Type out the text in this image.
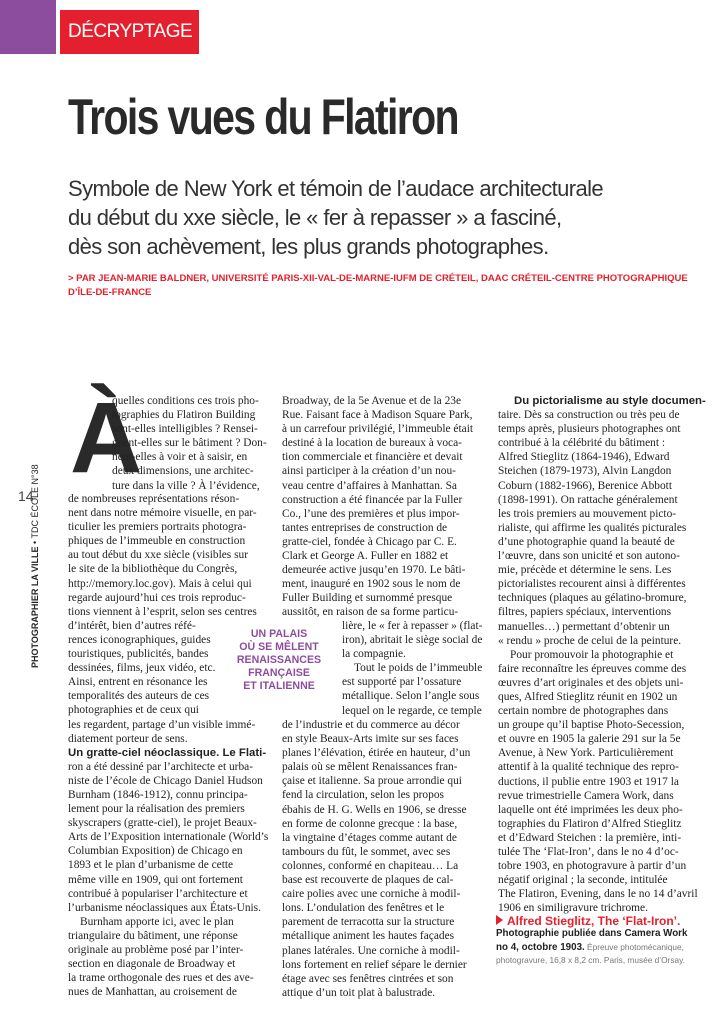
DÉCRYPTAGE
Trois vues du Flatiron
Symbole de New York et témoin de l’audace architecturale
du début du xxe siècle, le « fer à repasser » a fasciné,
dès son achèvement, les plus grands photographes.
> PAR JEAN-MARIE BALDNER, UNIVERSITÉ PARIS-XII-VAL-DE-MARNE-IUFM DE CRÉTEIL, DAAC CRÉTEIL-CENTRE PHOTOGRAPHIQUE
D’ÎLE-DE-FRANCE
14
PHOTOGRAPHIER LA VILLE • TDC ÉCOLE N°38
À
quelles conditions ces trois pho-
tographies du Flatiron Building
sont-elles intelligibles ? Rensei-
gnent-elles sur le bâtiment ? Don-
nent-elles à voir et à saisir, en
deux dimensions, une architec-
ture dans la ville ? À l’évidence,
de nombreuses représentations réson-
nent dans notre mémoire visuelle, en par-
ticulier les premiers portraits photogra-
phiques de l’immeuble en construction
au tout début du xxe siècle (visibles sur
le site de la bibliothèque du Congrès,
http://memory.loc.gov). Mais à celui qui
regarde aujourd’hui ces trois reproduc-
tions viennent à l’esprit, selon ses centres
d’intérêt, bien d’autres réfé-
rences iconographiques, guides
touristiques, publicités, bandes
dessinées, films, jeux vidéo, etc.
Ainsi, entrent en résonance les
temporalités des auteurs de ces
photographies et de ceux qui
les regardent, partage d’un visible immé-
diatement porteur de sens.
Un gratte-ciel néoclassique. Le Flati-
ron a été dessiné par l’architecte et urba-
niste de l’école de Chicago Daniel Hudson
Burnham (1846-1912), connu principa-
lement pour la réalisation des premiers
skyscrapers (gratte-ciel), le projet Beaux-
Arts de l’Exposition internationale (World’s
Columbian Exposition) de Chicago en
1893 et le plan d’urbanisme de cette
même ville en 1909, qui ont fortement
contribué à populariser l’architecture et
l’urbanisme néoclassiques aux États-Unis.
Burnham apporte ici, avec le plan
triangulaire du bâtiment, une réponse
originale au problème posé par l’inter-
section en diagonale de Broadway et
la trame orthogonale des rues et des ave-
nues de Manhattan, au croisement de
UN PALAIS
OÙ SE MÊLENT
RENAISSANCES
FRANÇAISE
ET ITALIENNE
Broadway, de la 5e Avenue et de la 23e
Rue. Faisant face à Madison Square Park,
à un carrefour privilégié, l’immeuble était
destiné à la location de bureaux à voca-
tion commerciale et financière et devait
ainsi participer à la création d’un nou-
veau centre d’affaires à Manhattan. Sa
construction a été financée par la Fuller
Co., l’une des premières et plus impor-
tantes entreprises de construction de
gratte-ciel, fondée à Chicago par C. E.
Clark et George A. Fuller en 1882 et
demeurée active jusqu’en 1970. Le bâti-
ment, inauguré en 1902 sous le nom de
Fuller Building et surnommé presque
aussitôt, en raison de sa forme particu-
lière, le « fer à repasser » (flat-
iron), abritait le siège social de
la compagnie.
Tout le poids de l’immeuble
est supporté par l’ossature
métallique. Selon l’angle sous
lequel on le regarde, ce temple
de l’industrie et du commerce au décor
en style Beaux-Arts imite sur ses faces
planes l’élévation, étirée en hauteur, d’un
palais où se mêlent Renaissances fran-
çaise et italienne. Sa proue arrondie qui
fend la circulation, selon les propos
ébahis de H. G. Wells en 1906, se dresse
en forme de colonne grecque : la base,
la vingtaine d’étages comme autant de
tambours du fût, le sommet, avec ses
colonnes, conformé en chapiteau… La
base est recouverte de plaques de cal-
caire polies avec une corniche à modil-
lons. L’ondulation des fenêtres et le
parement de terracotta sur la structure
métallique animent les hautes façades
planes latérales. Une corniche à modil-
lons fortement en relief sépare le dernier
étage avec ses fenêtres cintrées et son
attique d’un toit plat à balustrade.
Du pictorialisme au style documen-
taire. Dès sa construction ou très peu de
temps après, plusieurs photographes ont
contribué à la célébrité du bâtiment :
Alfred Stieglitz (1864-1946), Edward
Steichen (1879-1973), Alvin Langdon
Coburn (1882-1966), Berenice Abbott
(1898-1991). On rattache généralement
les trois premiers au mouvement picto-
rialiste, qui affirme les qualités picturales
d’une photographie quand la beauté de
l’œuvre, dans son unicité et son autono-
mie, précède et détermine le sens. Les
pictorialistes recourent ainsi à différentes
techniques (plaques au gélatino-bromure,
filtres, papiers spéciaux, interventions
manuelles…) permettant d’obtenir un
« rendu » proche de celui de la peinture.
Pour promouvoir la photographie et
faire reconnaître les épreuves comme des
œuvres d’art originales et des objets uni-
ques, Alfred Stieglitz réunit en 1902 un
certain nombre de photographes dans
un groupe qu’il baptise Photo-Secession,
et ouvre en 1905 la galerie 291 sur la 5e
Avenue, à New York. Particulièrement
attentif à la qualité technique des repro-
ductions, il publie entre 1903 et 1917 la
revue trimestrielle Camera Work, dans
laquelle ont été imprimées les deux pho-
tographies du Flatiron d’Alfred Stieglitz
et d’Edward Steichen : la première, inti-
tulée The ‘Flat-Iron’, dans le no 4 d’oc-
tobre 1903, en photogravure à partir d’un
négatif original ; la seconde, intitulée
The Flatiron, Evening, dans le no 14 d’avril
1906 en similigravure trichrome.
Alfred Stieglitz, The ‘Flat-Iron’.
Photographie publiée dans Camera Work
no 4, octobre 1903. Épreuve photomécanique,
photogravure, 16,8 x 8,2 cm. Paris, musée d’Orsay.
